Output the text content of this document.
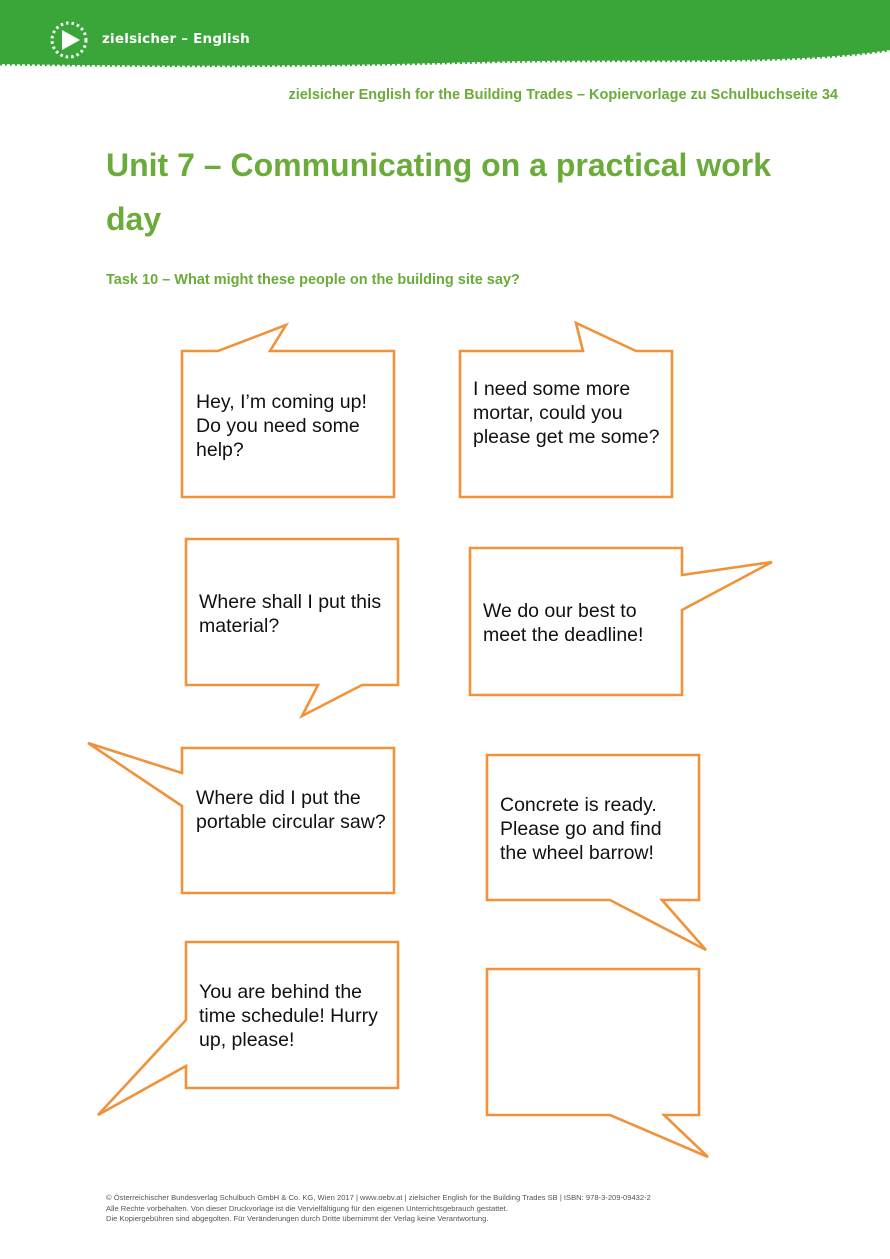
zielsicher – English
zielsicher English for the Building Trades – Kopiervorlage zu Schulbuchseite 34
Unit 7 – Communicating on a practical work day
Task 10 – What might these people on the building site say?

Hey, I’m coming up! Do you need some help?

I need some more mortar, could you please get me some?

Where shall I put this material?

We do our best to meet the deadline!

Where did I put the portable circular saw?

Concrete is ready. Please go and find the wheel barrow!

You are behind the time schedule! Hurry up, please!

© Österreichischer Bundesverlag Schulbuch GmbH & Co. KG, Wien 2017 | www.oebv.at | zielsicher English for the Building Trades SB | ISBN: 978-3-209-09432-2
Alle Rechte vorbehalten. Von dieser Druckvorlage ist die Vervielfältigung für den eigenen Unterrichtsgebrauch gestattet.
Die Kopiergebühren sind abgegolten. Für Veränderungen durch Dritte übernimmt der Verlag keine Verantwortung.
